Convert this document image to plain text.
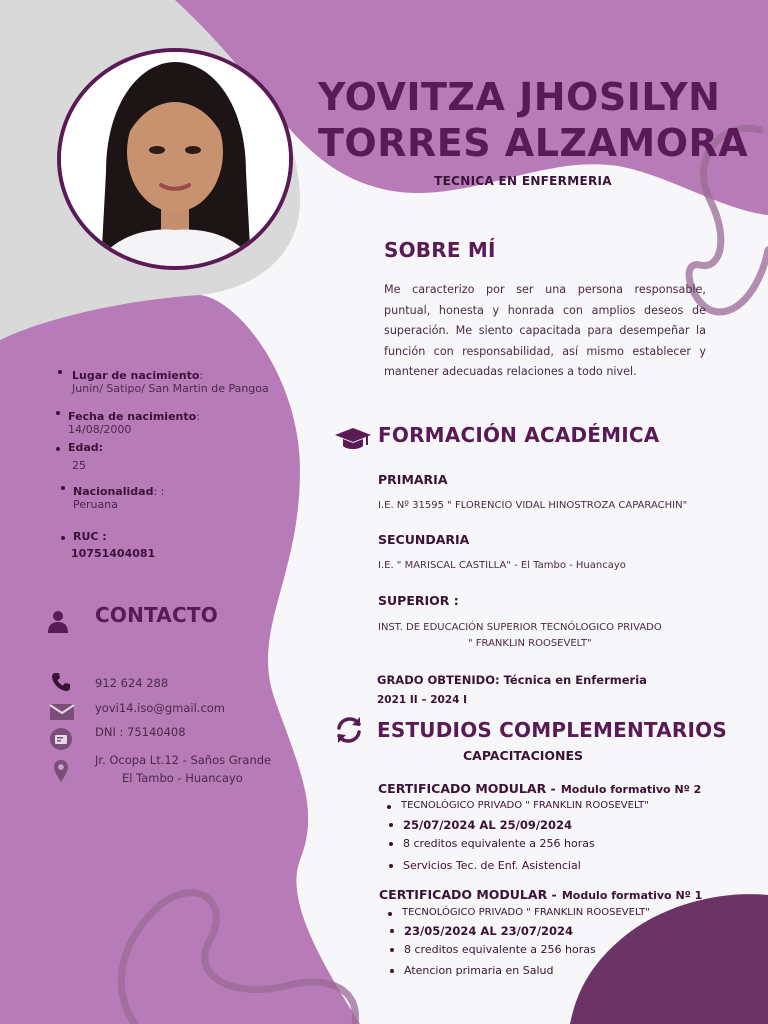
YOVITZA JHOSILYN TORRES ALZAMORA
TECNICA EN ENFERMERIA
SOBRE MÍ
Me caracterizo por ser una persona responsable, puntual, honesta y honrada con amplios deseos de superación. Me siento capacitada para desempeñar la función con responsabilidad, así mismo establecer y mantener adecuadas relaciones a todo nivel.
Lugar de nacimiento:
Junin/ Satipo/ San Martin de Pangoa
Fecha de nacimiento:
14/08/2000
Edad:
25
Nacionalidad: :
Peruana
RUC :
10751404081
CONTACTO
912 624 288
yovi14.iso@gmail.com
DNI : 75140408
Jr. Ocopa Lt.12 - Saños Grande
El Tambo - Huancayo
FORMACIÓN ACADÉMICA
PRIMARIA
I.E. Nº 31595 " FLORENCIO VIDAL HINOSTROZA CAPARACHIN"
SECUNDARIA
I.E. " MARISCAL CASTILLA" - El Tambo - Huancayo
SUPERIOR :
INST. DE EDUCACIÓN SUPERIOR TECNÓLOGICO PRIVADO
" FRANKLIN ROOSEVELT"
GRADO OBTENIDO: Técnica en Enfermeria
2021 II – 2024 I
ESTUDIOS COMPLEMENTARIOS
CAPACITACIONES
CERTIFICADO MODULAR - Modulo formativo Nº 2
TECNOLÓGICO PRIVADO " FRANKLIN ROOSEVELT"
25/07/2024 AL 25/09/2024
8 creditos equivalente a 256 horas
Servicios Tec. de Enf. Asistencial
CERTIFICADO MODULAR - Modulo formativo Nº 1
TECNOLÓGICO PRIVADO " FRANKLIN ROOSEVELT"
23/05/2024 AL 23/07/2024
8 creditos equivalente a 256 horas
Atencion primaria en Salud
